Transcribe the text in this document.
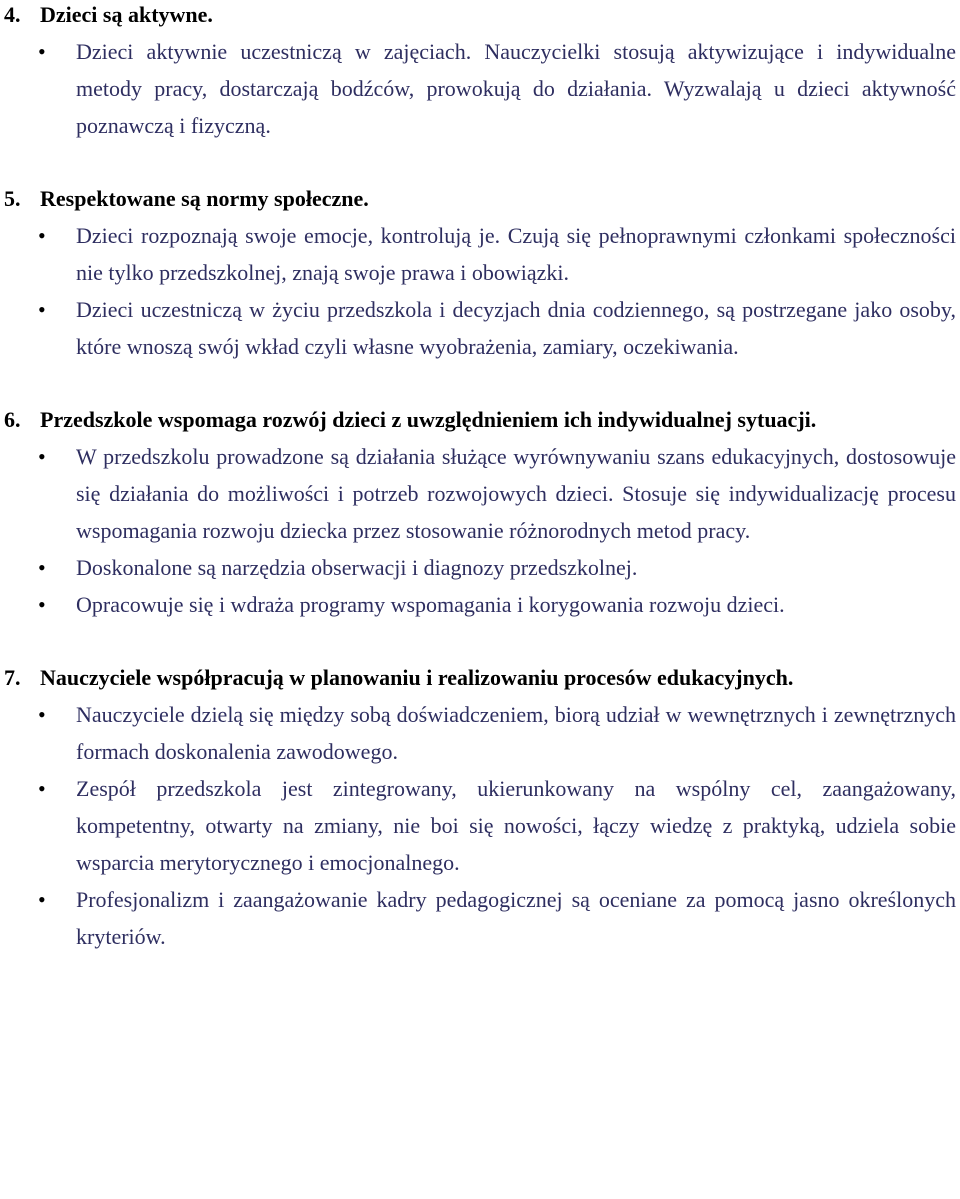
4. Dzieci są aktywne.
• Dzieci aktywnie uczestniczą w zajęciach. Nauczycielki stosują aktywizujące i indywidualne metody pracy, dostarczają bodźców, prowokują do działania. Wyzwalają u dzieci aktywność poznawczą i fizyczną.
5. Respektowane są normy społeczne.
• Dzieci rozpoznają swoje emocje, kontrolują je. Czują się pełnoprawnymi członkami społeczności nie tylko przedszkolnej, znają swoje prawa i obowiązki.
• Dzieci uczestniczą w życiu przedszkola i decyzjach dnia codziennego, są postrzegane jako osoby, które wnoszą swój wkład czyli własne wyobrażenia, zamiary, oczekiwania.
6. Przedszkole wspomaga rozwój dzieci z uwzględnieniem ich indywidualnej sytuacji.
• W przedszkolu prowadzone są działania służące wyrównywaniu szans edukacyjnych, dostosowuje się działania do możliwości i potrzeb rozwojowych dzieci. Stosuje się indywidualizację procesu wspomagania rozwoju dziecka przez stosowanie różnorodnych metod pracy.
• Doskonalone są narzędzia obserwacji i diagnozy przedszkolnej.
• Opracowuje się i wdraża programy wspomagania i korygowania rozwoju dzieci.
7. Nauczyciele współpracują w planowaniu i realizowaniu procesów edukacyjnych.
• Nauczyciele dzielą się między sobą doświadczeniem, biorą udział w wewnętrznych i zewnętrznych formach doskonalenia zawodowego.
• Zespół przedszkola jest zintegrowany, ukierunkowany na wspólny cel, zaangażowany, kompetentny, otwarty na zmiany, nie boi się nowości, łączy wiedzę z praktyką, udziela sobie wsparcia merytorycznego i emocjonalnego.
• Profesjonalizm i zaangażowanie kadry pedagogicznej są oceniane za pomocą jasno określonych kryteriów.
